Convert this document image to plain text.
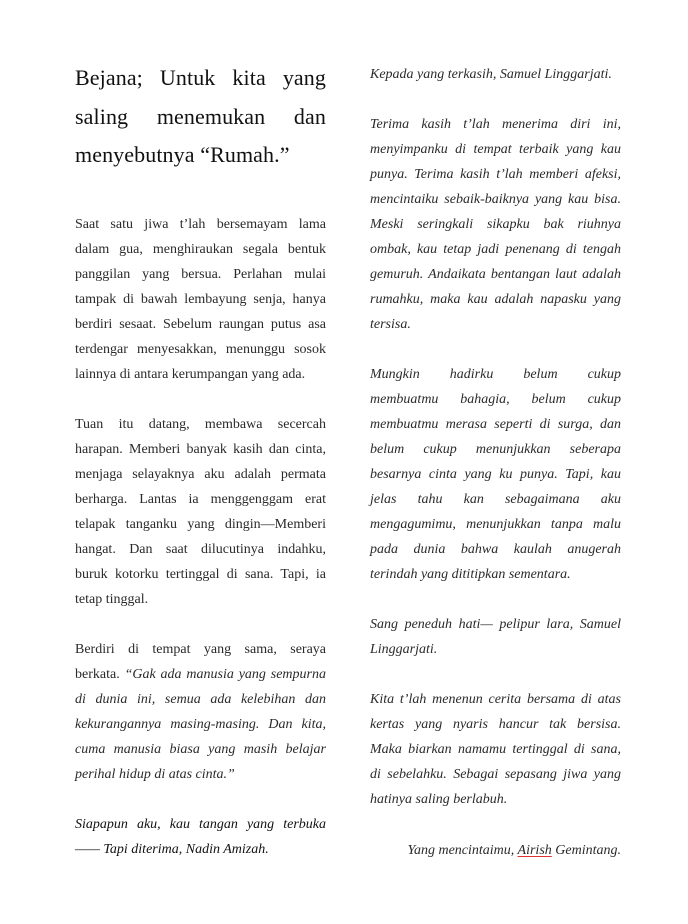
Bejana; Untuk kita yang
saling menemukan dan
menyebutnya “Rumah.”
Saat satu jiwa t’lah bersemayam lama
dalam gua, menghiraukan segala bentuk
panggilan yang bersua. Perlahan mulai
tampak di bawah lembayung senja, hanya
berdiri sesaat. Sebelum raungan putus asa
terdengar menyesakkan, menunggu sosok
lainnya di antara kerumpangan yang ada.
Tuan itu datang, membawa secercah
harapan. Memberi banyak kasih dan cinta,
menjaga selayaknya aku adalah permata
berharga. Lantas ia menggenggam erat
telapak tanganku yang dingin—Memberi
hangat. Dan saat dilucutinya indahku,
buruk kotorku tertinggal di sana. Tapi, ia
tetap tinggal.
Berdiri di tempat yang sama, seraya
berkata. “Gak ada manusia yang sempurna
di dunia ini, semua ada kelebihan dan
kekurangannya masing-masing. Dan kita,
cuma manusia biasa yang masih belajar
perihal hidup di atas cinta.”
Siapapun aku, kau tangan yang terbuka
—— Tapi diterima, Nadin Amizah.
Kepada yang terkasih, Samuel Linggarjati.
Terima kasih t’lah menerima diri ini,
menyimpanku di tempat terbaik yang kau
punya. Terima kasih t’lah memberi afeksi,
mencintaiku sebaik-baiknya yang kau bisa.
Meski seringkali sikapku bak riuhnya
ombak, kau tetap jadi penenang di tengah
gemuruh. Andaikata bentangan laut adalah
rumahku, maka kau adalah napasku yang
tersisa.
Mungkin hadirku belum cukup
membuatmu bahagia, belum cukup
membuatmu merasa seperti di surga, dan
belum cukup menunjukkan seberapa
besarnya cinta yang ku punya. Tapi, kau
jelas tahu kan sebagaimana aku
mengagumimu, menunjukkan tanpa malu
pada dunia bahwa kaulah anugerah
terindah yang dititipkan sementara.
Sang peneduh hati— pelipur lara, Samuel
Linggarjati.
Kita t’lah menenun cerita bersama di atas
kertas yang nyaris hancur tak bersisa.
Maka biarkan namamu tertinggal di sana,
di sebelahku. Sebagai sepasang jiwa yang
hatinya saling berlabuh.
Yang mencintaimu, Airish Gemintang.
